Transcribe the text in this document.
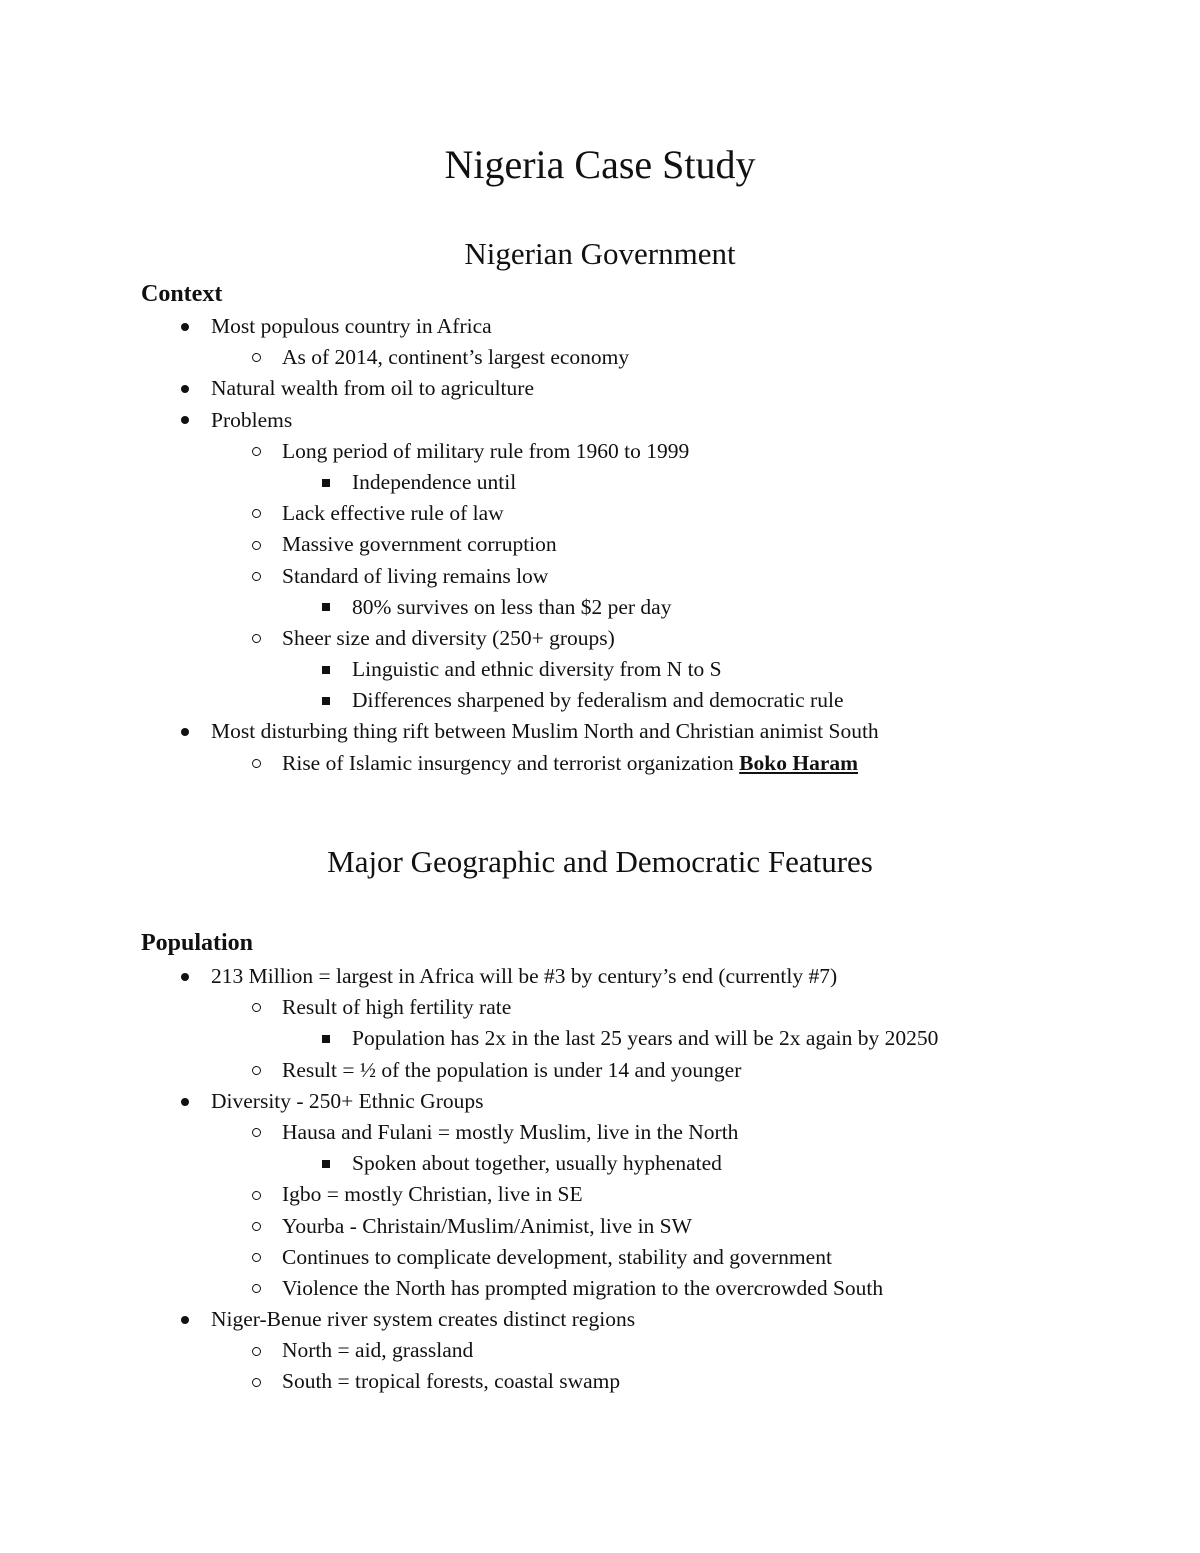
Nigeria Case Study
Nigerian Government
Context
Most populous country in Africa
As of 2014, continent’s largest economy
Natural wealth from oil to agriculture
Problems
Long period of military rule from 1960 to 1999
Independence until
Lack effective rule of law
Massive government corruption
Standard of living remains low
80% survives on less than $2 per day
Sheer size and diversity (250+ groups)
Linguistic and ethnic diversity from N to S
Differences sharpened by federalism and democratic rule
Most disturbing thing rift between Muslim North and Christian animist South
Rise of Islamic insurgency and terrorist organization Boko Haram
Major Geographic and Democratic Features
Population
213 Million = largest in Africa will be #3 by century’s end (currently #7)
Result of high fertility rate
Population has 2x in the last 25 years and will be 2x again by 20250
Result = ½ of the population is under 14 and younger
Diversity - 250+ Ethnic Groups
Hausa and Fulani = mostly Muslim, live in the North
Spoken about together, usually hyphenated
Igbo = mostly Christian, live in SE
Yourba - Christain/Muslim/Animist, live in SW
Continues to complicate development, stability and government
Violence the North has prompted migration to the overcrowded South
Niger-Benue river system creates distinct regions
North = aid, grassland
South = tropical forests, coastal swamp
